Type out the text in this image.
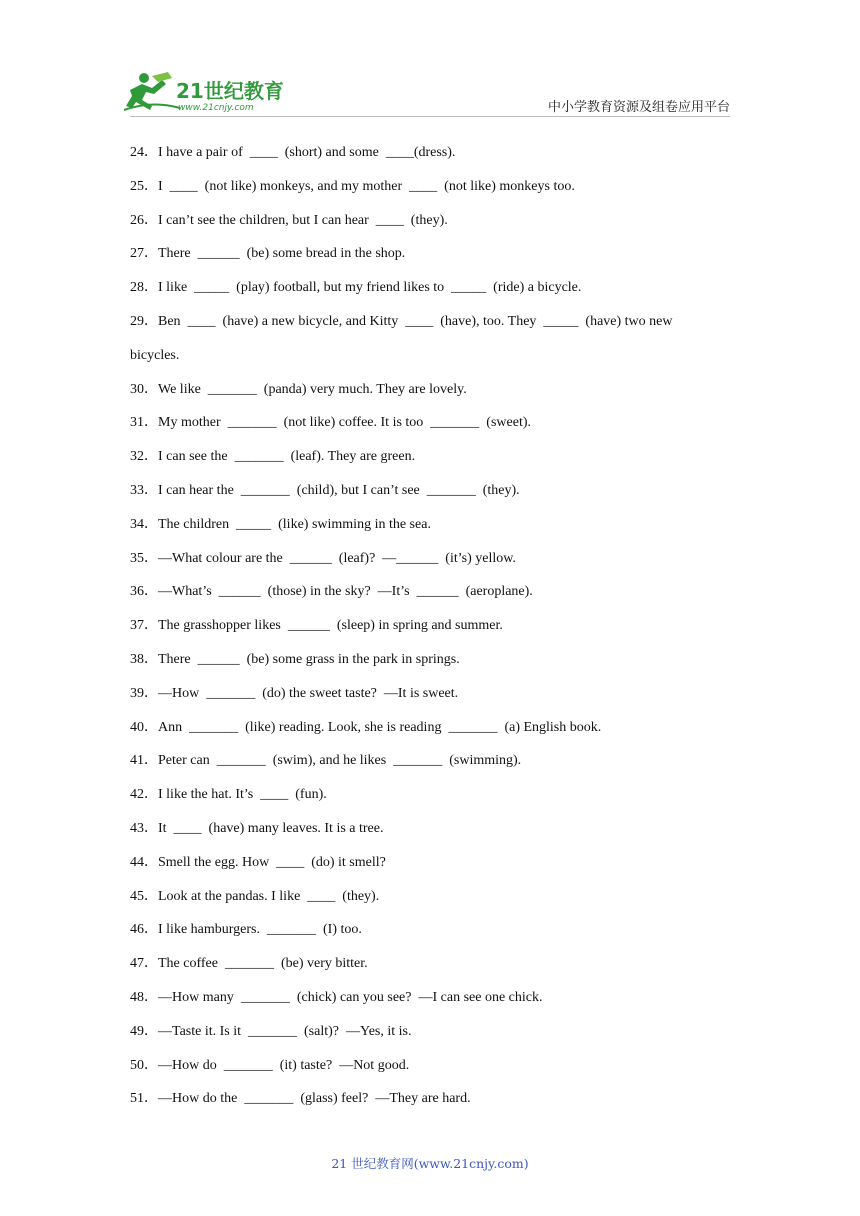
21世纪教育
www.21cnjy.com	中小学教育资源及组卷应用平台
24．I have a pair of  ____  (short) and some  ____(dress).
25．I  ____  (not like) monkeys, and my mother  ____  (not like) monkeys too.
26．I can’t see the children, but I can hear  ____  (they).
27．There  ______  (be) some bread in the shop.
28．I like  _____  (play) football, but my friend likes to  _____  (ride) a bicycle.
29．Ben  ____  (have) a new bicycle, and Kitty  ____  (have), too. They  _____  (have) two new
bicycles.
30．We like  _______  (panda) very much. They are lovely.
31．My mother  _______  (not like) coffee. It is too  _______  (sweet).
32．I can see the  _______  (leaf). They are green.
33．I can hear the  _______  (child), but I can’t see  _______  (they).
34．The children  _____  (like) swimming in the sea.
35．—What colour are the  ______  (leaf)?  —______  (it’s) yellow.
36．—What’s  ______  (those) in the sky?  —It’s  ______  (aeroplane).
37．The grasshopper likes  ______  (sleep) in spring and summer.
38．There  ______  (be) some grass in the park in springs.
39．—How  _______  (do) the sweet taste?  —It is sweet.
40．Ann  _______  (like) reading. Look, she is reading  _______  (a) English book.
41．Peter can  _______  (swim), and he likes  _______  (swimming).
42．I like the hat. It’s  ____  (fun).
43．It  ____  (have) many leaves. It is a tree.
44．Smell the egg. How  ____  (do) it smell?
45．Look at the pandas. I like  ____  (they).
46．I like hamburgers.  _______  (I) too.
47．The coffee  _______  (be) very bitter.
48．—How many  _______  (chick) can you see?  —I can see one chick.
49．—Taste it. Is it  _______  (salt)?  —Yes, it is.
50．—How do  _______  (it) taste?  —Not good.
51．—How do the  _______  (glass) feel?  —They are hard.
21 世纪教育网(www.21cnjy.com)
